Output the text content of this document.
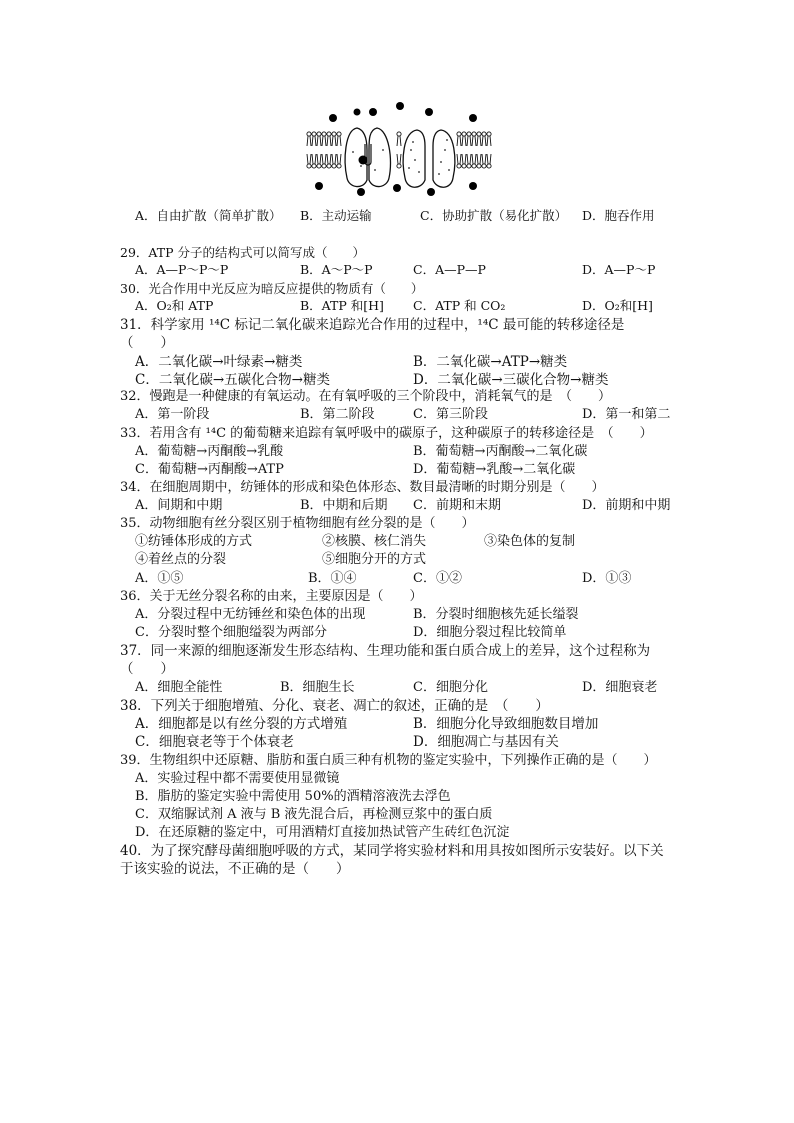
A．自由扩散（简单扩散） B．主动运输	C．协助扩散（易化扩散） D．胞吞作用
29．ATP 分子的结构式可以简写成（　　）
A．A—P～P～P	B．A～P～P	C．A—P—P	D．A—P～P
30．光合作用中光反应为暗反应提供的物质有（　　）
A．O₂和 ATP	B．ATP 和[H] C．ATP 和 CO₂	D．O₂和[H]
31．科学家用 ¹⁴C 标记二氧化碳来追踪光合作用的过程中，¹⁴C 最可能的转移途径是
（　　）
A．二氧化碳→叶绿素→糖类	B．二氧化碳→ATP→糖类
C．二氧化碳→五碳化合物→糖类	D．二氧化碳→三碳化合物→糖类
32．慢跑是一种健康的有氧运动。在有氧呼吸的三个阶段中，消耗氧气的是　（　　）
A．第一阶段	B．第二阶段	C．第三阶段	D．第一和第二
33．若用含有 ¹⁴C 的葡萄糖来追踪有氧呼吸中的碳原子，这种碳原子的转移途径是　（　　）
A．葡萄糖→丙酮酸→乳酸	B．葡萄糖→丙酮酸→二氧化碳
C．葡萄糖→丙酮酸→ATP	D．葡萄糖→乳酸→二氧化碳
34．在细胞周期中，纺锤体的形成和染色体形态、数目最清晰的时期分别是（　　）
A．间期和中期	B．中期和后期 C．前期和末期	D．前期和中期
35．动物细胞有丝分裂区别于植物细胞有丝分裂的是（　　）
①纺锤体形成的方式	②核膜、核仁消失	③染色体的复制
④着丝点的分裂	⑤细胞分开的方式
A．①⑤	B．①④	C．①②	D．①③
36．关于无丝分裂名称的由来，主要原因是（　　）
A．分裂过程中无纺锤丝和染色体的出现	B．分裂时细胞核先延长缢裂
C．分裂时整个细胞缢裂为两部分	D．细胞分裂过程比较简单
37．同一来源的细胞逐渐发生形态结构、生理功能和蛋白质合成上的差异，这个过程称为
（　　）
A．细胞全能性	B．细胞生长	C．细胞分化	D．细胞衰老
38．下列关于细胞增殖、分化、衰老、凋亡的叙述，正确的是　（　　）
A．细胞都是以有丝分裂的方式增殖	B．细胞分化导致细胞数目增加
C．细胞衰老等于个体衰老	D．细胞凋亡与基因有关
39．生物组织中还原糖、脂肪和蛋白质三种有机物的鉴定实验中，下列操作正确的是（　　）
A．实验过程中都不需要使用显微镜
B．脂肪的鉴定实验中需使用 50%的酒精溶液洗去浮色
C．双缩脲试剂 A 液与 B 液先混合后，再检测豆浆中的蛋白质
D．在还原糖的鉴定中，可用酒精灯直接加热试管产生砖红色沉淀
40．为了探究酵母菌细胞呼吸的方式，某同学将实验材料和用具按如图所示安装好。以下关
于该实验的说法，不正确的是（　　）
